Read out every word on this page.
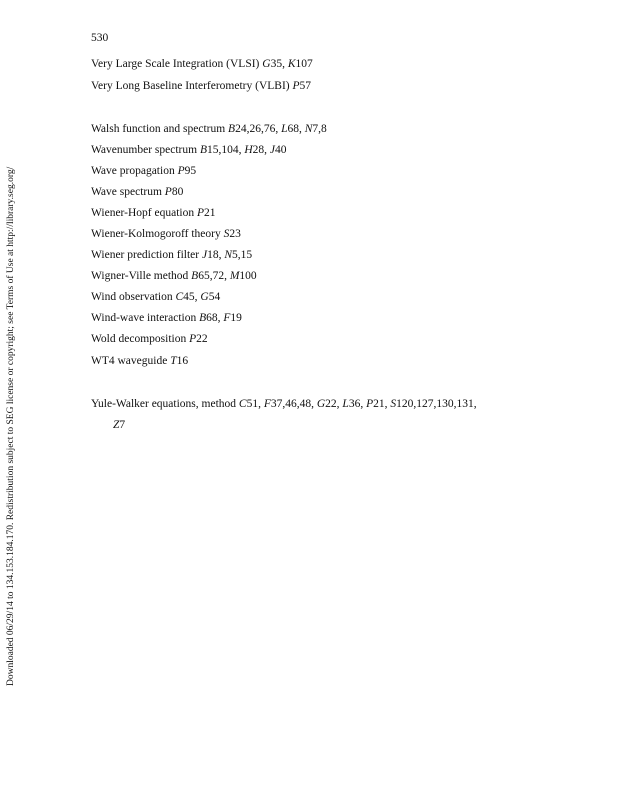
Downloaded 06/29/14 to 134.153.184.170. Redistribution subject to SEG license or copyright; see Terms of Use at http://library.seg.org/
530
Very Large Scale Integration (VLSI) G35, K107
Very Long Baseline Interferometry (VLBI) P57
Walsh function and spectrum B24,26,76, L68, N7,8
Wavenumber spectrum B15,104, H28, J40
Wave propagation P95
Wave spectrum P80
Wiener-Hopf equation P21
Wiener-Kolmogoroff theory S23
Wiener prediction filter J18, N5,15
Wigner-Ville method B65,72, M100
Wind observation C45, G54
Wind-wave interaction B68, F19
Wold decomposition P22
WT4 waveguide T16
Yule-Walker equations, method C51, F37,46,48, G22, L36, P21, S120,127,130,131,
Z7
